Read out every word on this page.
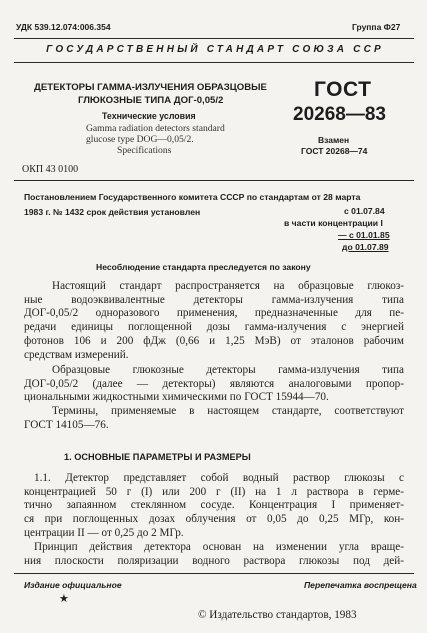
УДК 539.12.074:006.354	Группа Ф27
ГОСУДАРСТВЕННЫЙ СТАНДАРТ СОЮЗА ССР
ДЕТЕКТОРЫ ГАММА-ИЗЛУЧЕНИЯ ОБРАЗЦОВЫЕ
ГЛЮКОЗНЫЕ ТИПА ДОГ-0,05/2
Технические условия
Gamma radiation detectors standard
glucose type DOG—0,05/2.
Specifications
ГОСТ
20268—83
Взамен
ГОСТ 20268—74
ОКП 43 0100
Постановлением Государственного комитета СССР по стандартам от 28 марта
1983 г. № 1432 срок действия установлен	с 01.07.84
в части концентрации I
— с 01.01.85
до 01.07.89
Несоблюдение стандарта преследуется по закону
Настоящий стандарт распространяется на образцовые глюкоз-
ные водоэквивалентные детекторы гамма-излучения типа
ДОГ-0,05/2 одноразового применения, предназначенные для пе-
редачи единицы поглощенной дозы гамма-излучения с энергией
фотонов 106 и 200 фДж (0,66 и 1,25 МэВ) от эталонов рабочим
средствам измерений.
Образцовые глюкозные детекторы гамма-излучения типа
ДОГ-0,05/2 (далее — детекторы) являются аналоговыми пропор-
циональными жидкостными химическими по ГОСТ 15944—70.
Термины, применяемые в настоящем стандарте, соответствуют
ГОСТ 14105—76.
1. ОСНОВНЫЕ ПАРАМЕТРЫ И РАЗМЕРЫ
1.1. Детектор представляет собой водный раствор глюкозы с
концентрацией 50 г (I) или 200 г (II) на 1 л раствора в герме-
тично запаянном стеклянном сосуде. Концентрация I применяет-
ся при поглощенных дозах облучения от 0,05 до 0,25 МГр, кон-
центрации II — от 0,25 до 2 МГр.
Принцип действия детектора основан на изменении угла враще-
ния плоскости поляризации водного раствора глюкозы под дей-
Издание официальное	Перепечатка воспрещена
★
© Издательство стандартов, 1983
